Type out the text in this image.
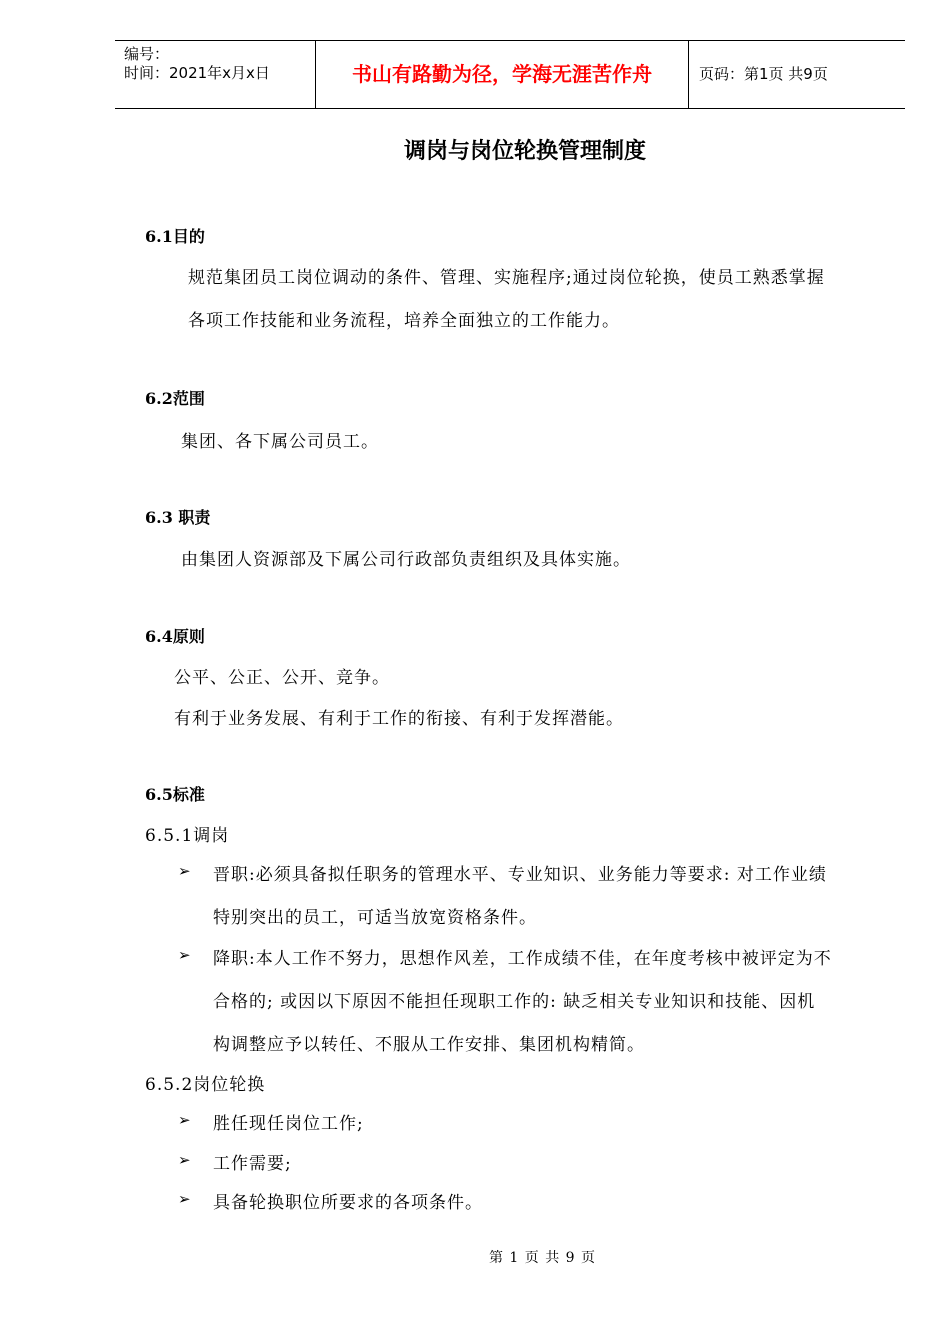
编号：
时间：2021年x月x日	书山有路勤为径，学海无涯苦作舟	页码：第1页 共9页
调岗与岗位轮换管理制度
6.1目的
规范集团员工岗位调动的条件、管理、实施程序;通过岗位轮换，使员工熟悉掌握
各项工作技能和业务流程，培养全面独立的工作能力。
6.2范围
集团、各下属公司员工。
6.3 职责
由集团人资源部及下属公司行政部负责组织及具体实施。
6.4原则
公平、公正、公开、竞争。
有利于业务发展、有利于工作的衔接、有利于发挥潜能。
6.5标准
6.5.1调岗
➢ 晋职:必须具备拟任职务的管理水平、专业知识、业务能力等要求: 对工作业绩
特别突出的员工，可适当放宽资格条件。
➢ 降职:本人工作不努力，思想作风差，工作成绩不佳，在年度考核中被评定为不
合格的; 或因以下原因不能担任现职工作的: 缺乏相关专业知识和技能、因机
构调整应予以转任、不服从工作安排、集团机构精简。
6.5.2岗位轮换
➢ 胜任现任岗位工作;
➢ 工作需要;
➢ 具备轮换职位所要求的各项条件。
第 1 页 共 9 页
